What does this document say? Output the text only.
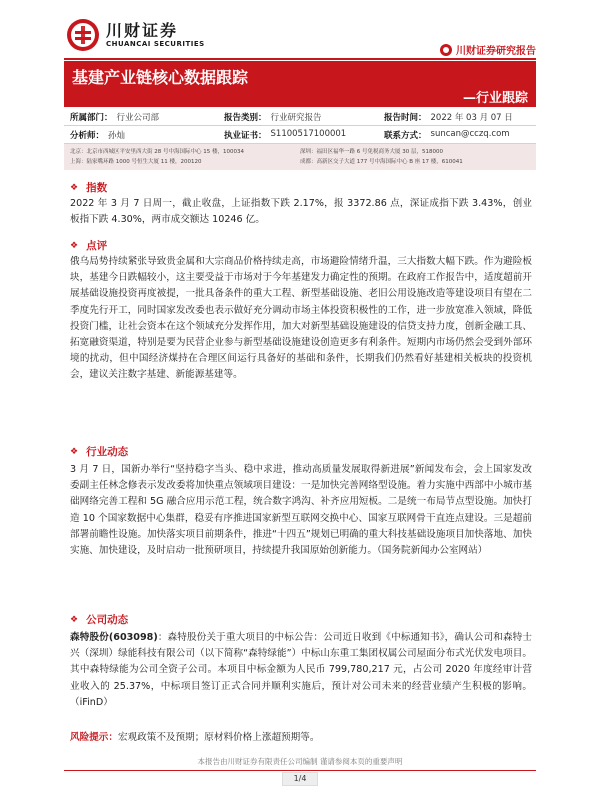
川财证券
CHUANCAI SECURITIES
川财证券研究报告
基建产业链核心数据跟踪
—行业跟踪
所属部门： 行业公司部	报告类别： 行业研究报告	报告时间： 2022 年 03 月 07 日
分析师： 孙灿	执业证书： S1100517100001	联系方式： suncan@cczq.com
北京：北京市西城区平安里西大街 28 号中海国际中心 15 楼，100034	深圳：福田区福华一路 6 号免税商务大厦 30 层，518000
上海：陆家嘴环路 1000 号恒生大厦 11 楼，200120	成都：高新区交子大道 177 号中海国际中心 B 座 17 楼，610041
❖ 指数
2022 年 3 月 7 日周一，截止收盘，上证指数下跌 2.17%，报 3372.86 点，深证成指下跌 3.43%，创业板指下跌 4.30%，两市成交额达 10246 亿。
❖ 点评
俄乌局势持续紧张导致贵金属和大宗商品价格持续走高，市场避险情绪升温，三大指数大幅下跌。作为避险板块，基建今日跌幅较小，这主要受益于市场对于今年基建发力确定性的预期。在政府工作报告中，适度超前开展基础设施投资再度被提，一批具备条件的重大工程、新型基础设施、老旧公用设施改造等建设项目有望在二季度先行开工，同时国家发改委也表示做好充分调动市场主体投资积极性的工作，进一步放宽准入领域，降低投资门槛，让社会资本在这个领域充分发挥作用，加大对新型基础设施建设的信贷支持力度，创新金融工具、拓宽融资渠道，特别是要为民营企业参与新型基础设施建设创造更多有利条件。短期内市场仍然会受到外部环境的扰动，但中国经济煤持在合理区间运行具备好的基础和条件，长期我们仍然看好基建相关板块的投资机会，建议关注数字基建、新能源基建等。
❖ 行业动态
3 月 7 日，国新办举行“坚持稳字当头、稳中求进，推动高质量发展取得新进展”新闻发布会，会上国家发改委副主任林念修表示发改委将加快重点领域项目建设：一是加快完善网络型设施。着力实施中西部中小城市基础网络完善工程和 5G 融合应用示范工程，统合数字鸿沟、补齐应用短板。二是统一布局节点型设施。加快打造 10 个国家数据中心集群，稳妥有序推进国家新型互联网交换中心、国家互联网骨干直连点建设。三是超前部署前瞻性设施。加快落实项目前期条件，推进“十四五”规划已明确的重大科技基础设施项目加快落地、加快实施、加快建设，及时启动一批预研项目，持续提升我国原始创新能力。（国务院新闻办公室网站）
❖ 公司动态
森特股份(603098)：森特股份关于重大项目的中标公告：公司近日收到《中标通知书》，确认公司和森特士兴（深圳）绿能科技有限公司（以下简称“森特绿能”）中标山东重工集团权属公司屋面分布式光伏发电项目。其中森特绿能为公司全资子公司。本项目中标金额为人民币 799,780,217 元，占公司 2020 年度经审计营业收入的 25.37%，中标项目签订正式合同并顺利实施后，预计对公司未来的经营业绩产生积极的影响。（iFinD）
风险提示：宏观政策不及预期；原材料价格上涨超预期等。
本报告由川财证券有限责任公司编制 谨请参阅本页的重要声明
1/4
